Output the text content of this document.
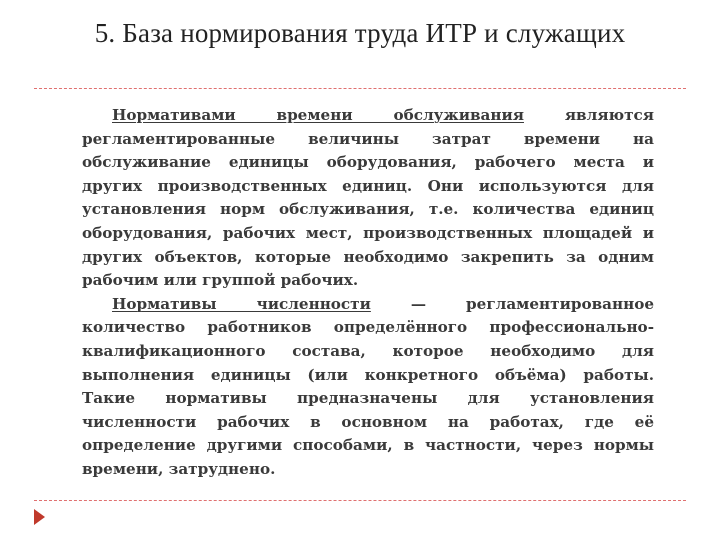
5. База нормирования труда ИТР и служащих

Нормативами времени обслуживания являются регламентированные величины затрат времени на обслуживание единицы оборудования, рабочего места и других производственных единиц. Они используются для установления норм обслуживания, т.е. количества единиц оборудования, рабочих мест, производственных площадей и других объектов, которые необходимо закрепить за одним рабочим или группой рабочих.

Нормативы численности — регламентированное количество работников определённого профессионально-квалификационного состава, которое необходимо для выполнения единицы (или конкретного объёма) работы. Такие нормативы предназначены для установления численности рабочих в основном на работах, где её определение другими способами, в частности, через нормы времени, затруднено.
